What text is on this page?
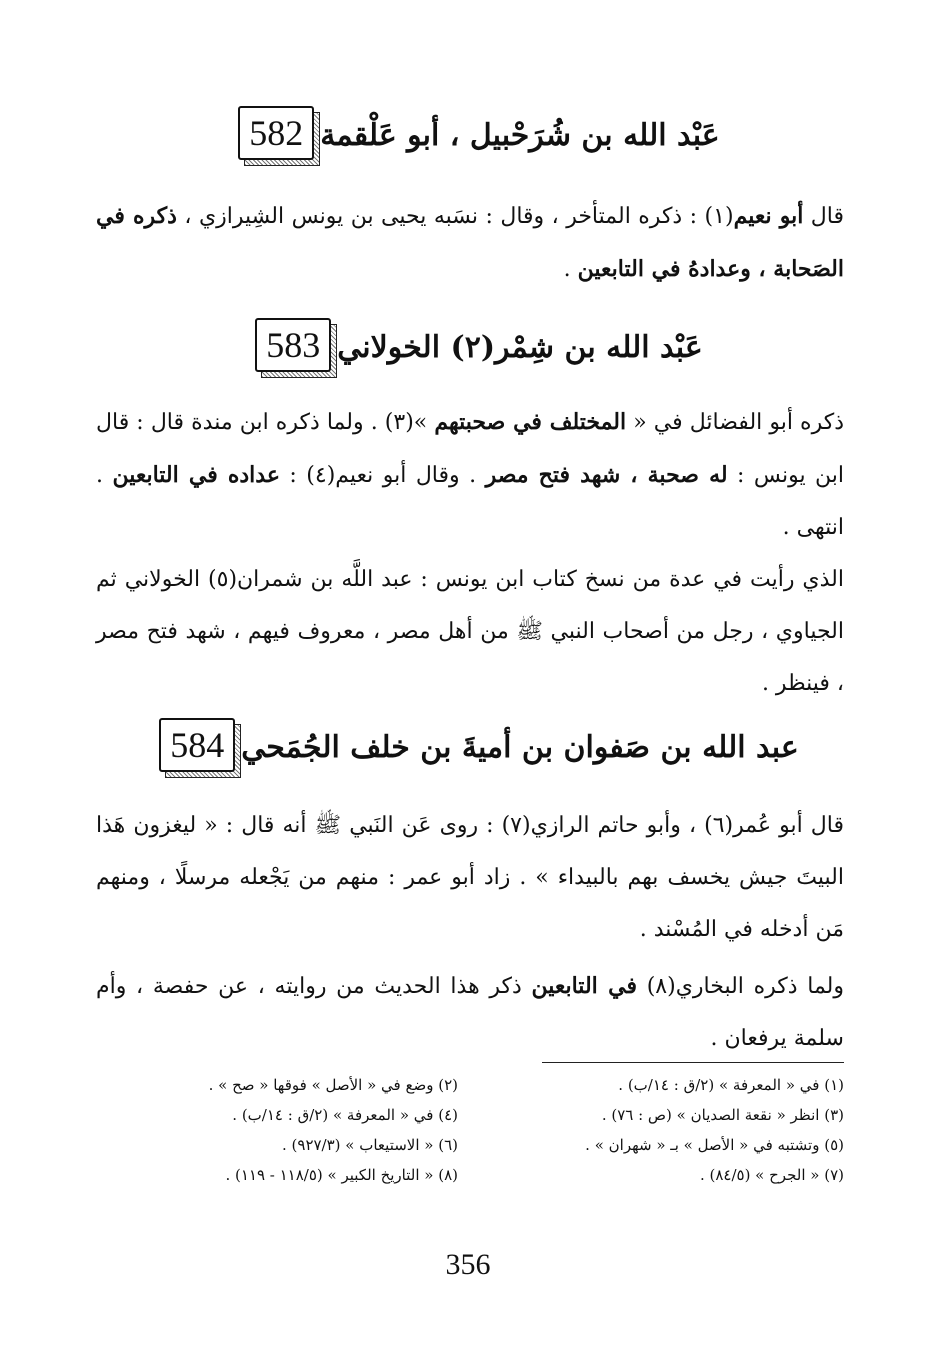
582 عَبْد الله بن شُرَحْبيل ، أبو عَلْقمة
قال أبو نعيم(١) : ذكره المتأخر ، وقال : نسَبه يحيى بن يونس الشِيرازي ، ذكره في الصَحابة ، وعدادهُ في التابعين .
583 عَبْد الله بن شِمْر(٢) الخولاني
ذكره أبو الفضائل في « المختلف في صحبتهم »(٣) . ولما ذكره ابن مندة قال : قال ابن يونس : له صحبة ، شهد فتح مصر . وقال أبو نعيم(٤) : عداده في التابعين . انتهى .
الذي رأيت في عدة من نسخ كتاب ابن يونس : عبد اللَّه بن شمران(٥) الخولاني ثم الجياوي ، رجل من أصحاب النبي ﷺ من أهل مصر ، معروف فيهم ، شهد فتح مصر ، فينظر .
584 عبد الله بن صَفوان بن أميةَ بن خلف الجُمَحي
قال أبو عُمر(٦) ، وأبو حاتم الرازي(٧) : روى عَن النَبي ﷺ أنه قال : « ليغزون هَذا البيتَ جيش يخسف بهم بالبيداء » . زاد أبو عمر : منهم من يَجْعله مرسلًا ، ومنهم مَن أدخله في المُسْند .
ولما ذكره البخاري(٨) في التابعين ذكر هذا الحديث من روايته ، عن حفصة ، وأم سلمة يرفعان .
(١) في « المعرفة » (٢/ق : ١٤/ب) .
(٢) وضع في « الأصل » فوقها « صح » .
(٣) انظر « نقعة الصديان » (ص : ٧٦) .
(٤) في « المعرفة » (٢/ق : ١٤/ب) .
(٥) وتشتبه في « الأصل » بـ « شهران » .
(٦) « الاستيعاب » (٩٢٧/٣) .
(٧) « الجرح » (٨٤/٥) .
(٨) « التاريخ الكبير » (١١٨/٥ - ١١٩) .
356
